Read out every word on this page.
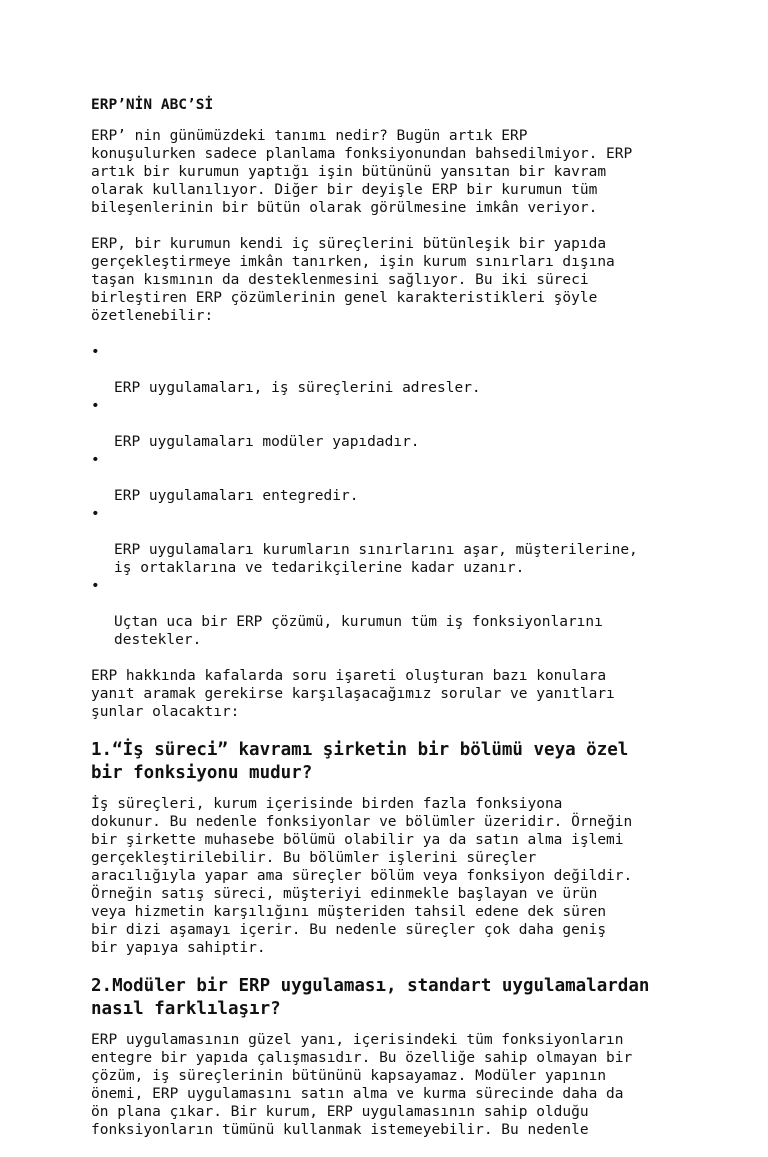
ERP’NİN ABC’Sİ

ERP’ nin günümüzdeki tanımı nedir? Bugün artık ERP
konuşulurken sadece planlama fonksiyonundan bahsedilmiyor. ERP
artık bir kurumun yaptığı işin bütününü yansıtan bir kavram
olarak kullanılıyor. Diğer bir deyişle ERP bir kurumun tüm
bileşenlerinin bir bütün olarak görülmesine imkân veriyor.

ERP, bir kurumun kendi iç süreçlerini bütünleşik bir yapıda
gerçekleştirmeye imkân tanırken, işin kurum sınırları dışına
taşan kısmının da desteklenmesini sağlıyor. Bu iki süreci
birleştiren ERP çözümlerinin genel karakteristikleri şöyle
özetlenebilir:

•

ERP uygulamaları, iş süreçlerini adresler.

•

ERP uygulamaları modüler yapıdadır.

•

ERP uygulamaları entegredir.

•

ERP uygulamaları kurumların sınırlarını aşar, müşterilerine,
iş ortaklarına ve tedarikçilerine kadar uzanır.

•

Uçtan uca bir ERP çözümü, kurumun tüm iş fonksiyonlarını
destekler.

ERP hakkında kafalarda soru işareti oluşturan bazı konulara
yanıt aramak gerekirse karşılaşacağımız sorular ve yanıtları
şunlar olacaktır:

1.“İş süreci” kavramı şirketin bir bölümü veya özel
bir fonksiyonu mudur?

İş süreçleri, kurum içerisinde birden fazla fonksiyona
dokunur. Bu nedenle fonksiyonlar ve bölümler üzeridir. Örneğin
bir şirkette muhasebe bölümü olabilir ya da satın alma işlemi
gerçekleştirilebilir. Bu bölümler işlerini süreçler
aracılığıyla yapar ama süreçler bölüm veya fonksiyon değildir.
Örneğin satış süreci, müşteriyi edinmekle başlayan ve ürün
veya hizmetin karşılığını müşteriden tahsil edene dek süren
bir dizi aşamayı içerir. Bu nedenle süreçler çok daha geniş
bir yapıya sahiptir.

2.Modüler bir ERP uygulaması, standart uygulamalardan
nasıl farklılaşır?

ERP uygulamasının güzel yanı, içerisindeki tüm fonksiyonların
entegre bir yapıda çalışmasıdır. Bu özelliğe sahip olmayan bir
çözüm, iş süreçlerinin bütününü kapsayamaz. Modüler yapının
önemi, ERP uygulamasını satın alma ve kurma sürecinde daha da
ön plana çıkar. Bir kurum, ERP uygulamasının sahip olduğu
fonksiyonların tümünü kullanmak istemeyebilir. Bu nedenle
